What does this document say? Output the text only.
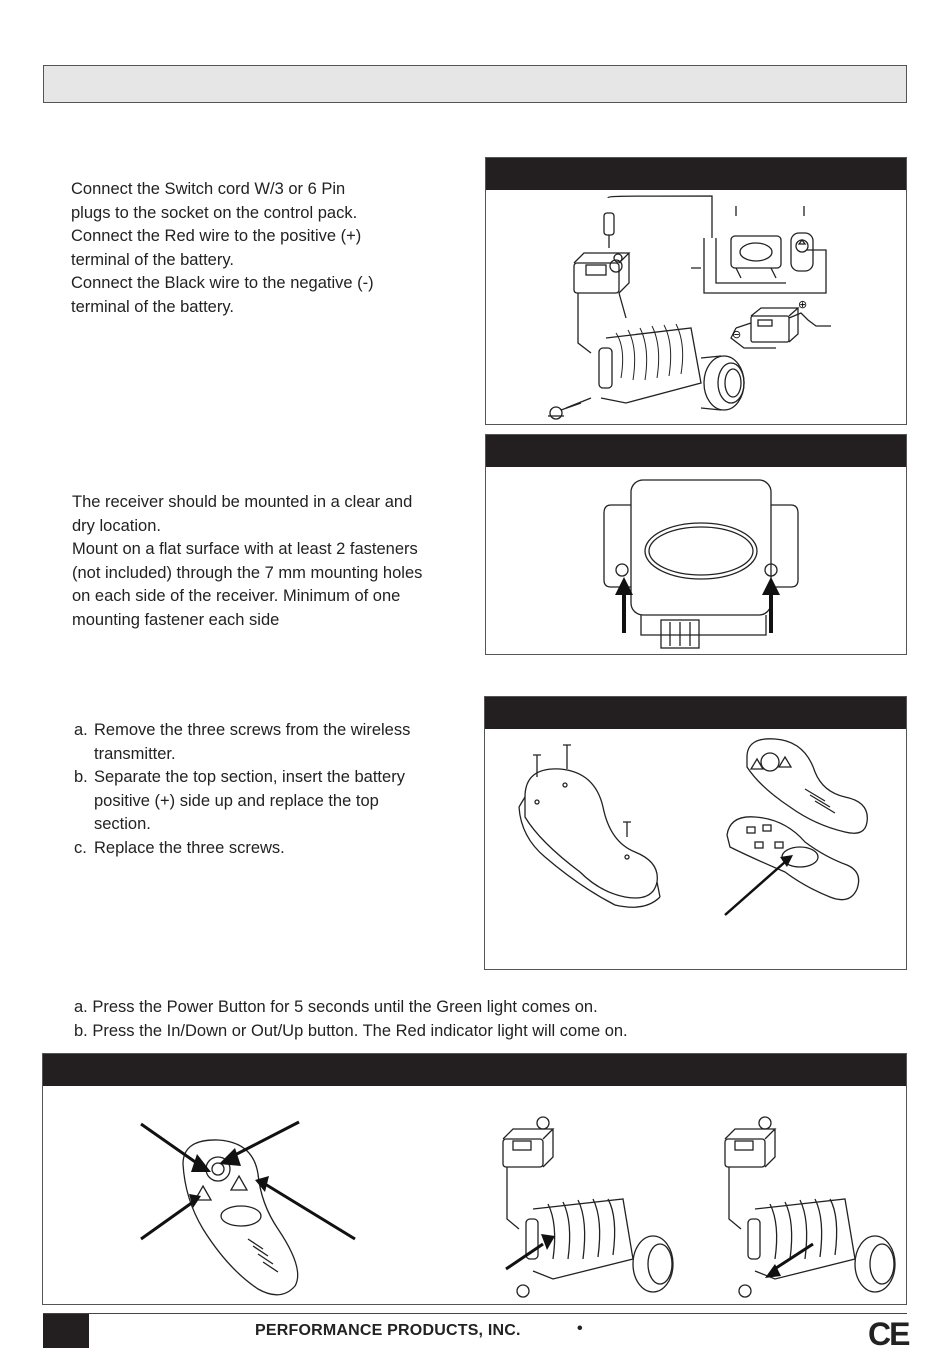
Connect the Switch cord W/3 or 6 Pin

plugs to the socket on the control pack.

Connect the Red wire to the positive (+)

terminal of the battery.

Connect the Black wire to the negative (-)

terminal of the battery.	⊕
⊖

The receiver should be mounted in a clear and

dry location.

Mount on a flat surface with at least 2 fasteners

(not included) through the 7 mm mounting holes

on each side of the receiver. Minimum of one

mounting fastener each side

a. Remove the three screws from the wireless
transmitter.
b. Separate the top section, insert the battery
positive (+) side up and replace the top
section.
c. Replace the three screws.

a. Press the Power Button for 5 seconds until the Green light comes on.

b. Press the In/Down or Out/Up button. The Red indicator light will come on.

PERFORMANCE PRODUCTS, INC.	•	CE
